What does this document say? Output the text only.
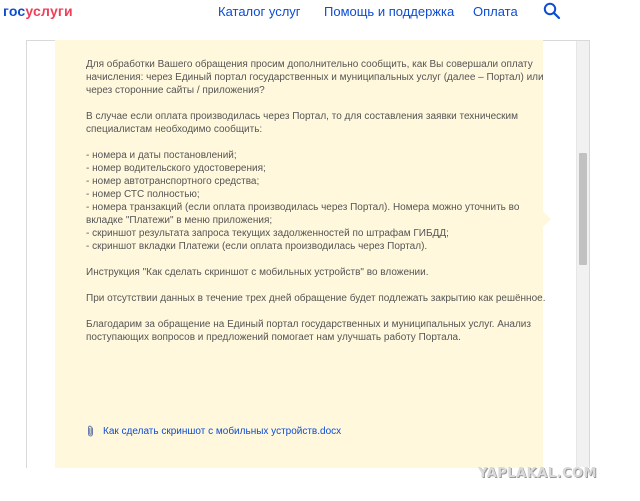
госуслуги	Каталог услуг Помощь и поддержка Оплата

Для обработки Вашего обращения просим дополнительно сообщить, как Вы совершали оплату начисления: через Единый портал государственных и муниципальных услуг (далее – Портал) или через сторонние сайты / приложения?

В случае если оплата производилась через Портал, то для составления заявки техническим специалистам необходимо сообщить:

- номера и даты постановлений;
- номер водительского удостоверения;
- номер автотранспортного средства;
- номер СТС полностью;
- номера транзакций (если оплата производилась через Портал). Номера можно уточнить во вкладке "Платежи" в меню приложения;
- скриншот результата запроса текущих задолженностей по штрафам ГИБДД;
- скриншот вкладки Платежи (если оплата производилась через Портал).

Инструкция "Как сделать скриншот с мобильных устройств" во вложении.

При отсутствии данных в течение трех дней обращение будет подлежать закрытию как решённое.

Благодарим за обращение на Единый портал государственных и муниципальных услуг. Анализ поступающих вопросов и предложений помогает нам улучшать работу Портала.

Как сделать скриншот с мобильных устройств.docx
YAPLAKAL.COM
